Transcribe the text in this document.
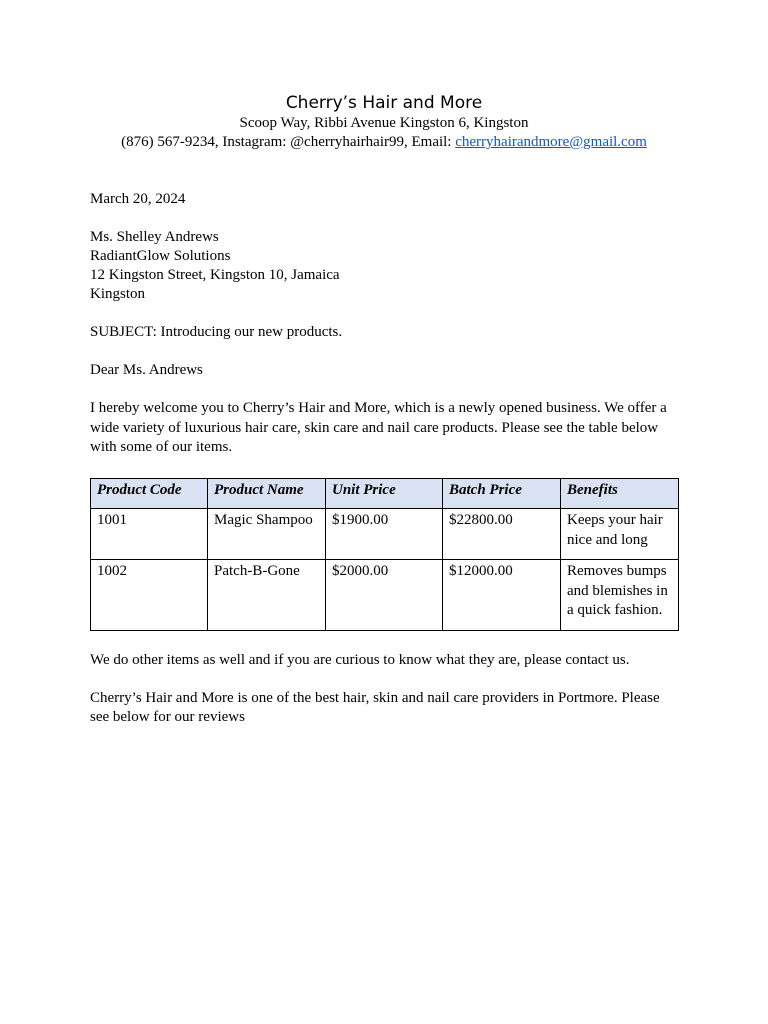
Cherry’s Hair and More

Scoop Way, Ribbi Avenue Kingston 6, Kingston

(876) 567-9234, Instagram: @cherryhairhair99, Email: cherryhairandmore@gmail.com

March 20, 2024

Ms. Shelley Andrews

RadiantGlow Solutions

12 Kingston Street, Kingston 10, Jamaica

Kingston

SUBJECT: Introducing our new products.

Dear Ms. Andrews

I hereby welcome you to Cherry’s Hair and More, which is a newly opened business. We offer a wide variety of luxurious hair care, skin care and nail care products. Please see the table below with some of our items.

Product Code	Product Name	Unit Price	Batch Price	Benefits
1001	Magic Shampoo	$1900.00	$22800.00	Keeps your hair nice and long
1002	Patch-B-Gone	$2000.00	$12000.00	Removes bumps and blemishes in a quick fashion.

We do other items as well and if you are curious to know what they are, please contact us.

Cherry’s Hair and More is one of the best hair, skin and nail care providers in Portmore. Please see below for our reviews
